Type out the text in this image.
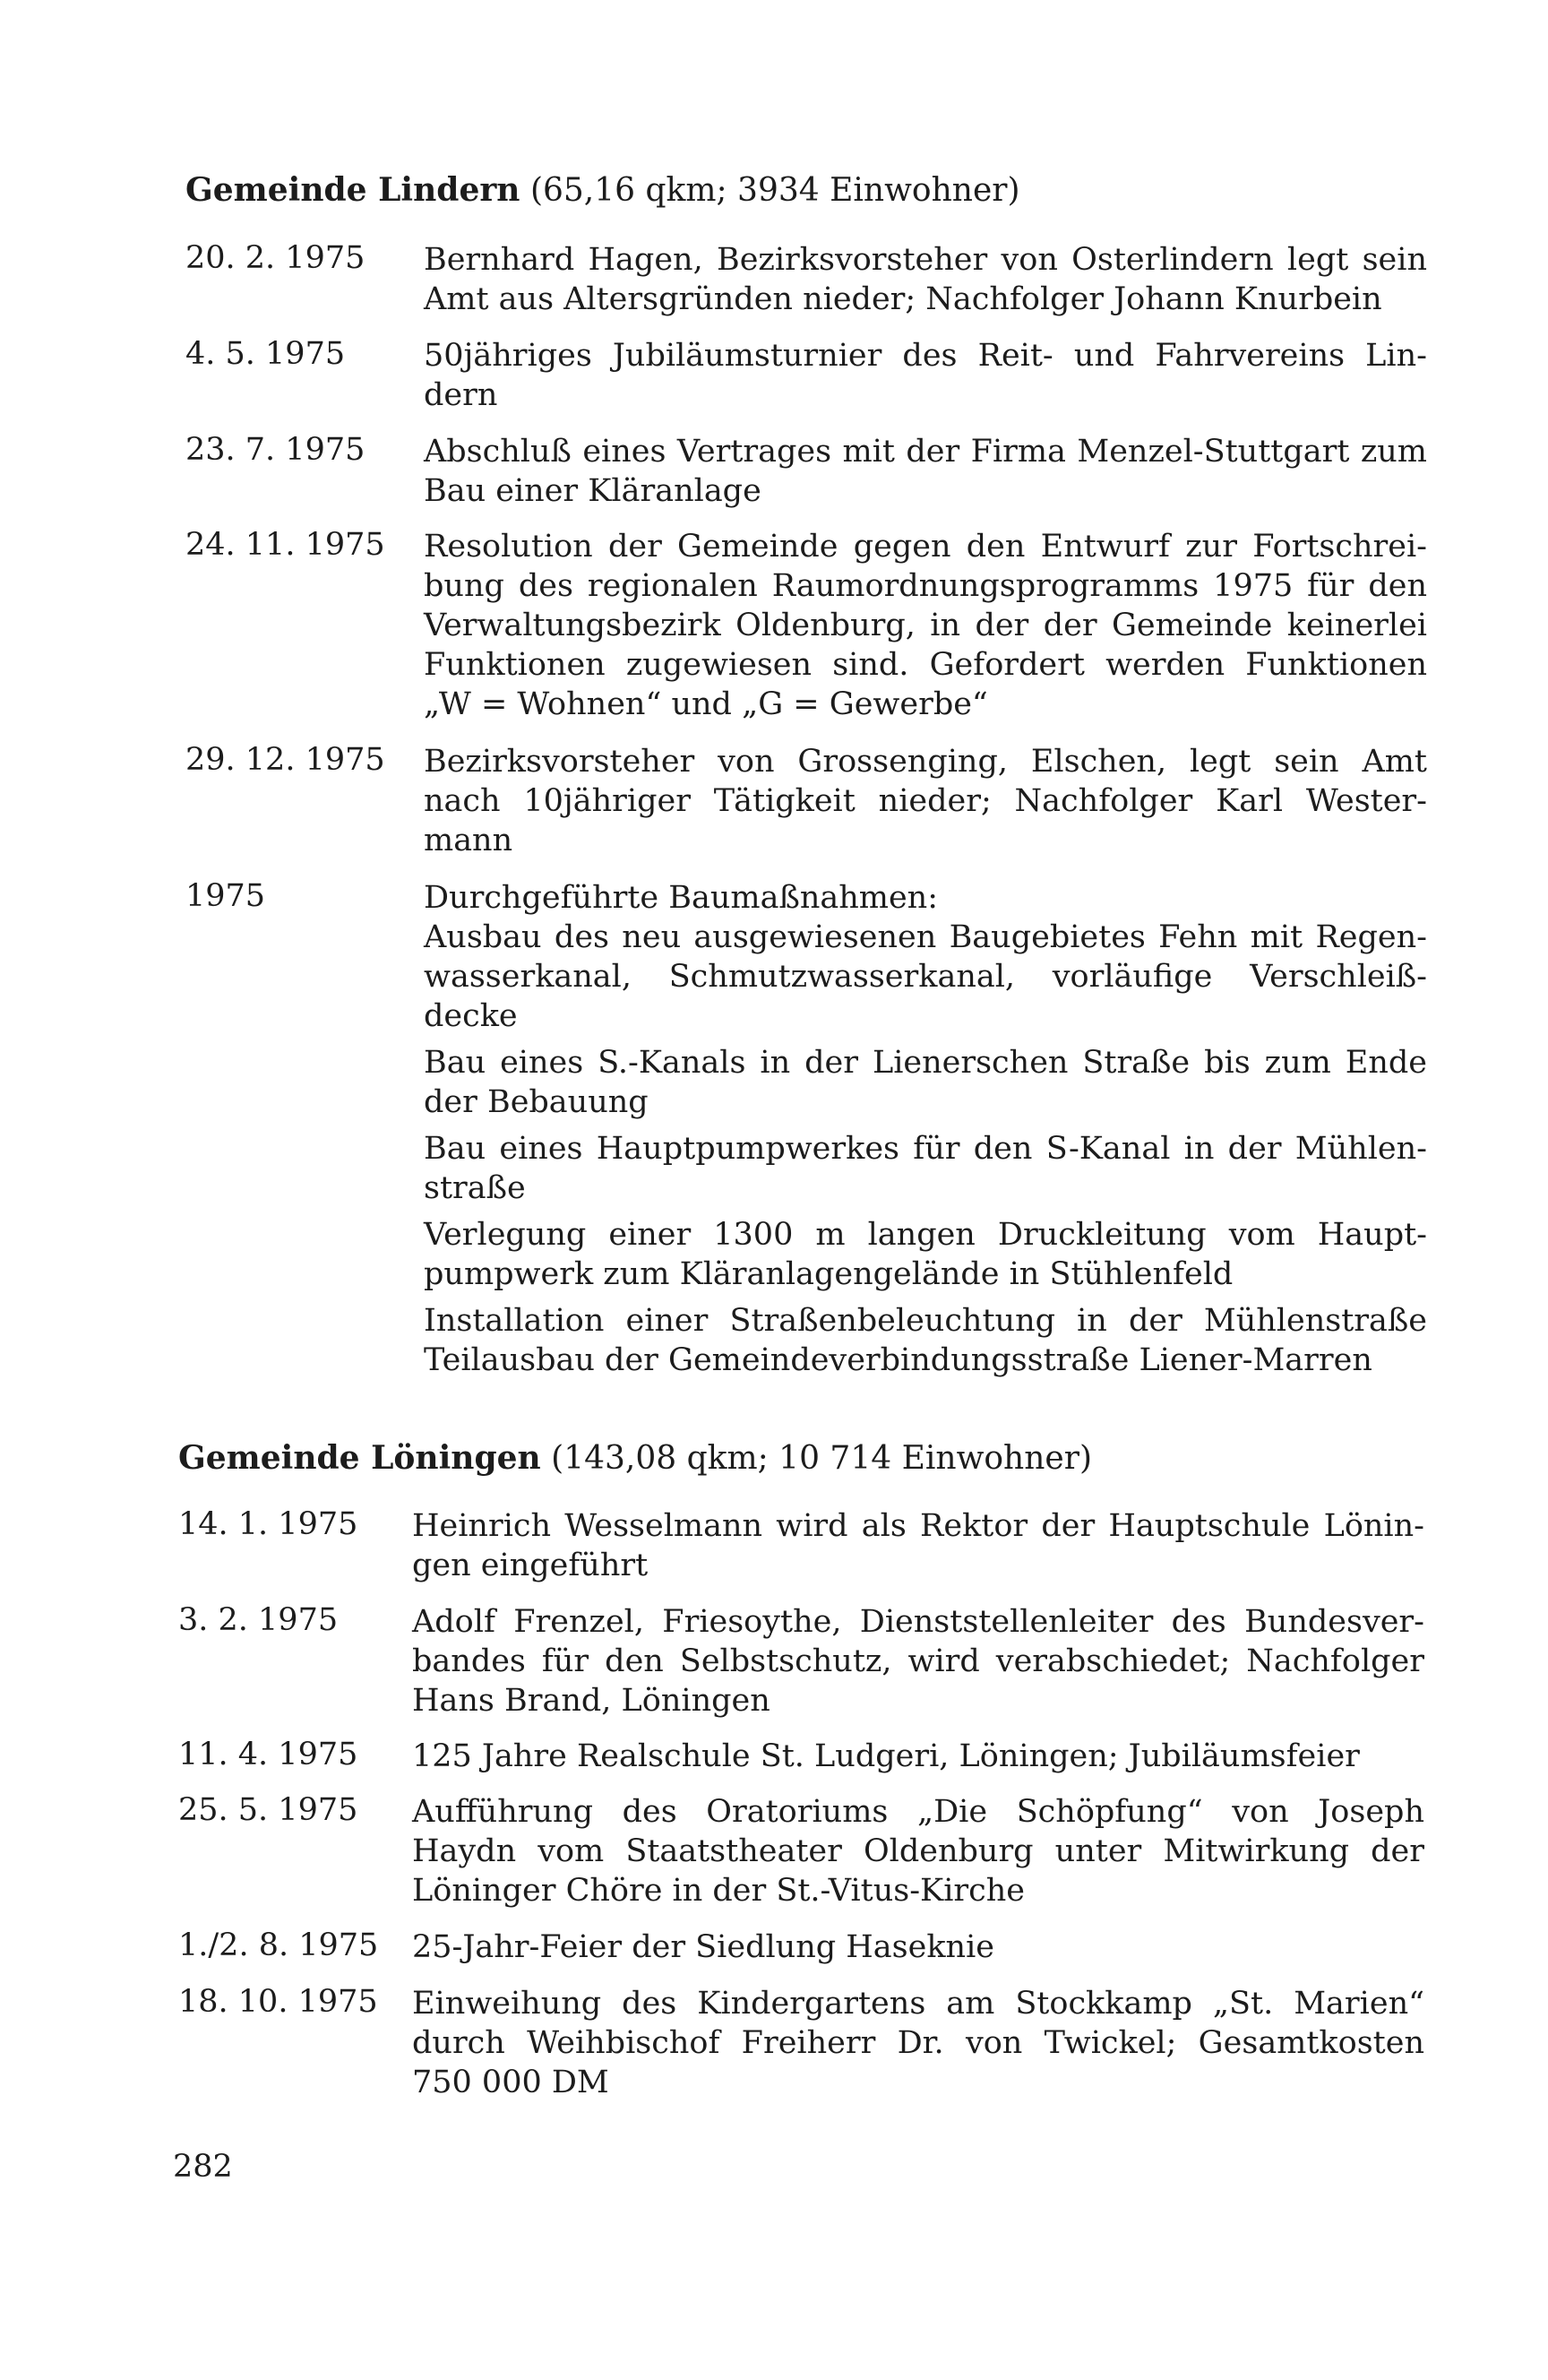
Gemeinde Lindern (65,16 qkm; 3934 Einwohner)
20. 2. 1975 Bernhard Hagen, Bezirksvorsteher von Osterlindern legt sein
Amt aus Altersgründen nieder; Nachfolger Johann Knurbein
4. 5. 1975	50jähriges Jubiläumsturnier des Reit- und Fahrvereins Lin-
dern
23. 7. 1975 Abschluß eines Vertrages mit der Firma Menzel-Stuttgart zum
Bau einer Kläranlage
24. 11. 1975 Resolution der Gemeinde gegen den Entwurf zur Fortschrei-
bung des regionalen Raumordnungsprogramms 1975 für den
Verwaltungsbezirk Oldenburg, in der der Gemeinde keinerlei
Funktionen zugewiesen sind. Gefordert werden Funktionen
„W = Wohnen“ und „G = Gewerbe“
29. 12. 1975 Bezirksvorsteher von Grossenging, Elschen, legt sein Amt
nach 10jähriger Tätigkeit nieder; Nachfolger Karl Wester-
mann
1975	Durchgeführte Baumaßnahmen:
Ausbau des neu ausgewiesenen Baugebietes Fehn mit Regen-
wasserkanal, Schmutzwasserkanal, vorläufige Verschleiß-
decke
Bau eines S.-Kanals in der Lienerschen Straße bis zum Ende
der Bebauung
Bau eines Hauptpumpwerkes für den S-Kanal in der Mühlen-
straße
Verlegung einer 1300 m langen Druckleitung vom Haupt-
pumpwerk zum Kläranlagengelände in Stühlenfeld
Installation einer Straßenbeleuchtung in der Mühlenstraße
Teilausbau der Gemeindeverbindungsstraße Liener-Marren
Gemeinde Löningen (143,08 qkm; 10 714 Einwohner)
14. 1. 1975 Heinrich Wesselmann wird als Rektor der Hauptschule Lönin-
gen eingeführt
3. 2. 1975 Adolf Frenzel, Friesoythe, Dienststellenleiter des Bundesver-
bandes für den Selbstschutz, wird verabschiedet; Nachfolger
Hans Brand, Löningen
11. 4. 1975 125 Jahre Realschule St. Ludgeri, Löningen; Jubiläumsfeier
25. 5. 1975 Aufführung des Oratoriums „Die Schöpfung“ von Joseph
Haydn vom Staatstheater Oldenburg unter Mitwirkung der
Löninger Chöre in der St.-Vitus-Kirche
1./2. 8. 1975 25-Jahr-Feier der Siedlung Haseknie
18. 10. 1975 Einweihung des Kindergartens am Stockkamp „St. Marien“
durch Weihbischof Freiherr Dr. von Twickel; Gesamtkosten
750 000 DM
282
